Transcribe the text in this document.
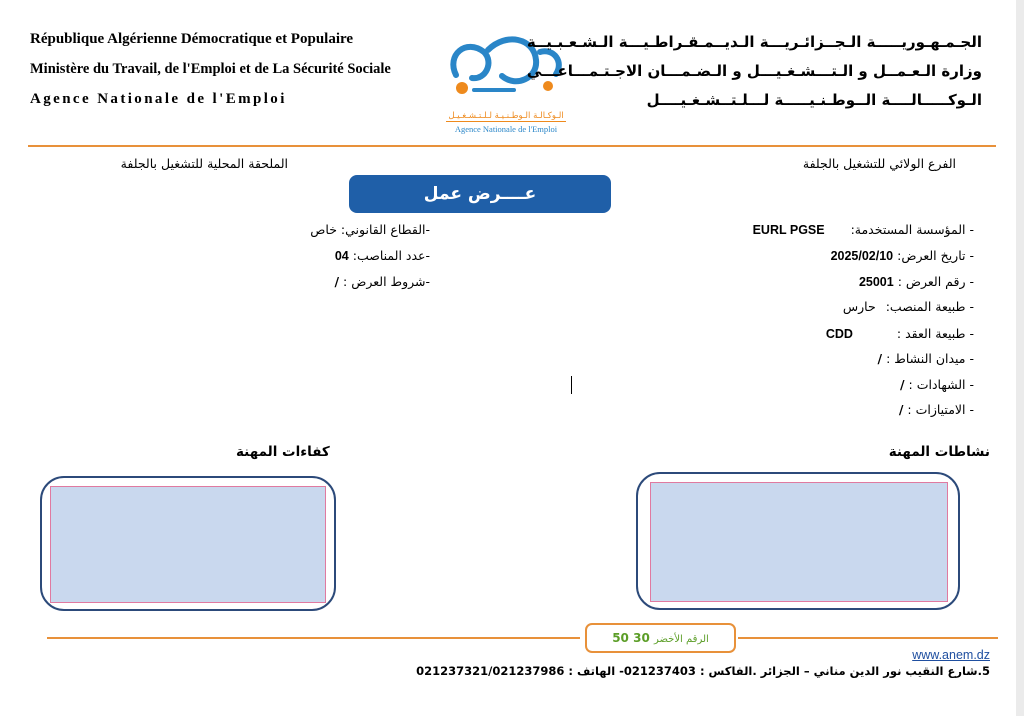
République Algérienne Démocratique et Populaire
Ministère du Travail, de l'Emploi et de La Sécurité Sociale
Agence Nationale de l'Emploi
الـوكـالـة الـوطـنـيـة لـلـتـشـغـيـل
Agence Nationale de l'Emploi
الجـمـهـوريـــــة الـجــزائـريـــة الـديــمـقـراطـيـــة الـشـعـبـيــة
وزارة الـعـمــل و الـتـــشـغـيـــل و الـضـمـــان الاجـتـمـــاعـــي
الـوكـــــالــــة الــوطـنـيـــــة لـــلـتــشـغـيــــل
الفرع الولائي للتشغيل بالجلفة
الملحقة المحلية للتشغيل بالجلفة
عــــرض عمل
- المؤسسة المستخدمة: EURL PGSE
- تاريخ العرض: 2025/02/10
- رقم العرض : 25001
- طبيعة المنصب: حارس
- طبيعة العقد : CDD
- ميدان النشاط : /
- الشهادات : /
- الامتيازات : /
-القطاع القانوني: خاص
-عدد المناصب: 04
-شروط العرض : /
نشاطات المهنة
كفاءات المهنة
الرقم الأخضر 30 50
www.anem.dz
5.شارع النقيب نور الدين مناني – الجزائر .الفاكس : 021237403- الهاتف : 021237321/021237986
